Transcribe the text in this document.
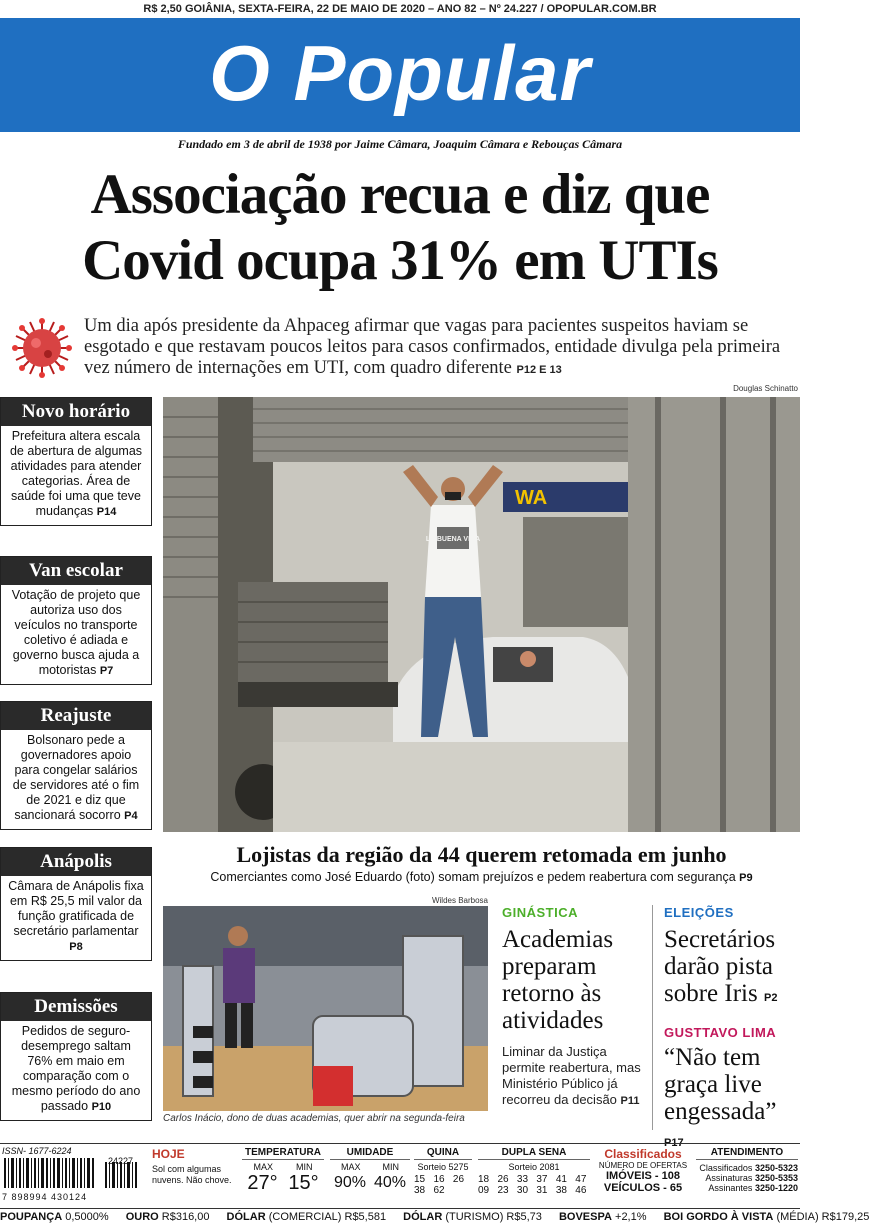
R$ 2,50 GOIÂNIA, SEXTA-FEIRA, 22 DE MAIO DE 2020 – ANO 82 – Nº 24.227 / OPOPULAR.COM.BR
O Popular
Fundado em 3 de abril de 1938 por Jaime Câmara, Joaquim Câmara e Rebouças Câmara
Associação recua e diz que
Covid ocupa 31% em UTIs
Um dia após presidente da Ahpaceg afirmar que vagas para pacientes suspeitos haviam se esgotado e que restavam poucos leitos para casos confirmados, entidade divulga pela primeira vez número de internações em UTI, com quadro diferente P12 E 13
Douglas Schinatto
Novo horário
Prefeitura altera escala de abertura de algumas atividades para atender categorias. Área de saúde foi uma que teve mudanças P14
Van escolar
Votação de projeto que autoriza uso dos veículos no transporte coletivo é adiada e governo busca ajuda a motoristas P7
Reajuste
Bolsonaro pede a governadores apoio para congelar salários de servidores até o fim de 2021 e diz que sancionará socorro P4
Anápolis
Câmara de Anápolis fixa em R$ 25,5 mil valor da função gratificada de secretário parlamentar P8
Demissões
Pedidos de seguro-desemprego saltam 76% em maio em comparação com o mesmo período do ano passado P10
WA
LA BUENA VIDA
Lojistas da região da 44 querem retomada em junho
Comerciantes como José Eduardo (foto) somam prejuízos e pedem reabertura com segurança P9
Wildes Barbosa
Carlos Inácio, dono de duas academias, quer abrir na segunda-feira
GINÁSTICA
Academias preparam retorno às atividades
Liminar da Justiça permite reabertura, mas Ministério Público já recorreu da decisão P11
ELEIÇÕES
Secretários darão pista sobre Iris P2
GUSTTAVO LIMA
“Não tem graça live engessada” P17
ISSN- 1677-6224
24227
7 898994 430124
HOJE
Sol com algumas nuvens. Não chove.
TEMPERATURA
MAX	MIN
27° 15°
UMIDADE
MAX MIN
90% 40%
QUINA
Sorteio 5275
15   16   26
38   62
DUPLA SENA
Sorteio 2081
18   26   33   37   41   47
09   23   30   31   38   46
Classificados
NÚMERO DE OFERTAS
IMÓVEIS - 108
VEÍCULOS - 65
ATENDIMENTO
Classificados 3250-5323
Assinaturas 3250-5353
Assinantes 3250-1220
POUPANÇA 0,5000% OURO R$316,00 DÓLAR (COMERCIAL) R$5,581 DÓLAR (TURISMO) R$5,73 BOVESPA +2,1% BOI GORDO À VISTA (MÉDIA) R$179,25
